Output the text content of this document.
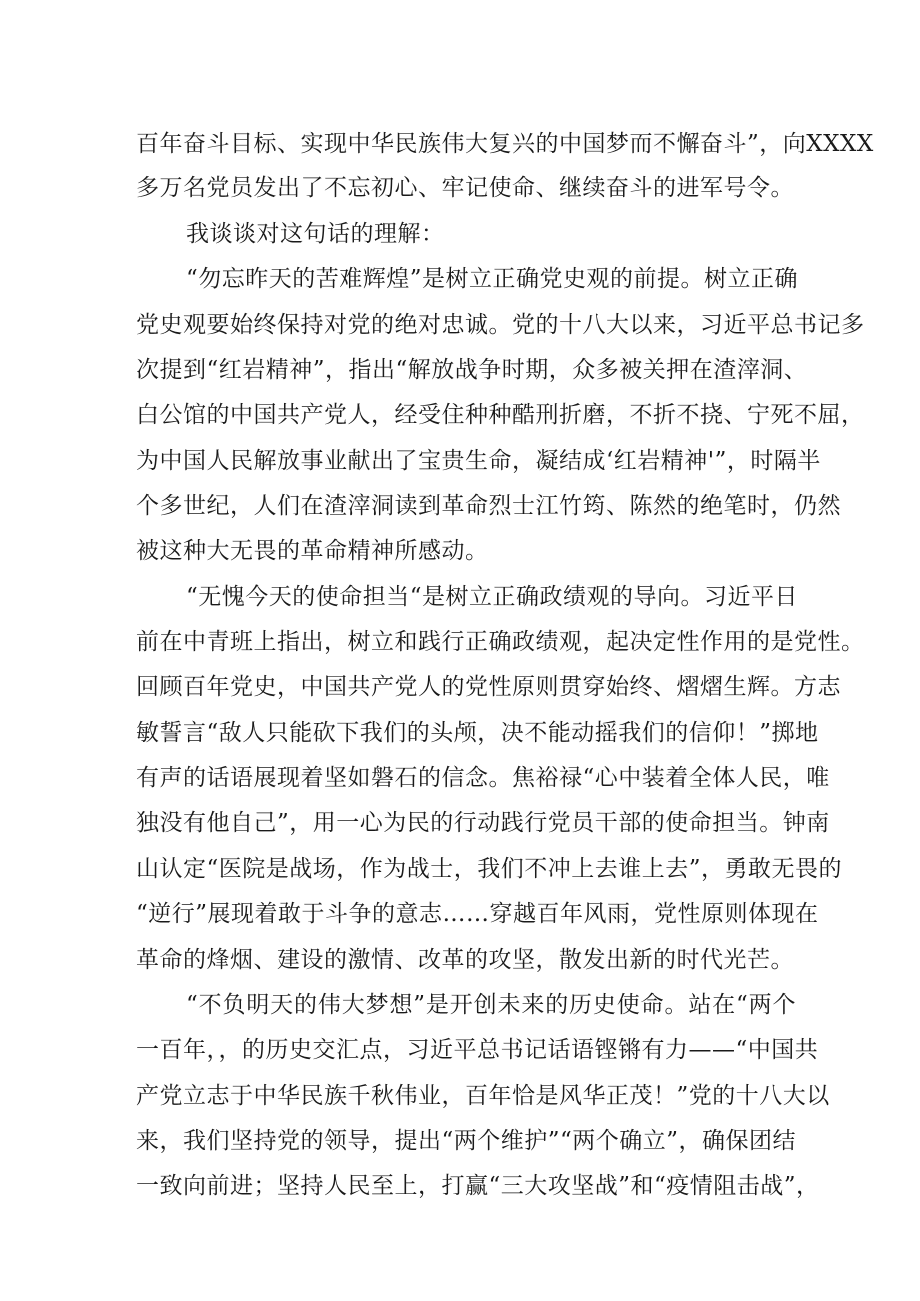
百年奋斗目标、实现中华民族伟大复兴的中国梦而不懈奋斗”，向XXXX
多万名党员发出了不忘初心、牢记使命、继续奋斗的进军号令。
我谈谈对这句话的理解：
“勿忘昨天的苦难辉煌”是树立正确党史观的前提。树立正确
党史观要始终保持对党的绝对忠诚。党的十八大以来，习近平总书记多
次提到“红岩精神”，指出“解放战争时期，众多被关押在渣滓洞、
白公馆的中国共产党人，经受住种种酷刑折磨，不折不挠、宁死不屈，
为中国人民解放事业献出了宝贵生命，凝结成‘红岩精神'”，时隔半
个多世纪，人们在渣滓洞读到革命烈士江竹筠、陈然的绝笔时，仍然
被这种大无畏的革命精神所感动。
“无愧今天的使命担当“是树立正确政绩观的导向。习近平日
前在中青班上指出，树立和践行正确政绩观，起决定性作用的是党性。
回顾百年党史，中国共产党人的党性原则贯穿始终、熠熠生辉。方志
敏誓言“敌人只能砍下我们的头颅，决不能动摇我们的信仰！”掷地
有声的话语展现着坚如磐石的信念。焦裕禄“心中装着全体人民，唯
独没有他自己”，用一心为民的行动践行党员干部的使命担当。钟南
山认定“医院是战场，作为战士，我们不冲上去谁上去”，勇敢无畏的
“逆行”展现着敢于斗争的意志……穿越百年风雨，党性原则体现在
革命的烽烟、建设的激情、改革的攻坚，散发出新的时代光芒。
“不负明天的伟大梦想”是开创未来的历史使命。站在“两个
一百年，，的历史交汇点，习近平总书记话语铿锵有力——“中国共
产党立志于中华民族千秋伟业，百年恰是风华正茂！”党的十八大以
来，我们坚持党的领导，提出“两个维护”“两个确立”，确保团结
一致向前进；坚持人民至上，打赢“三大攻坚战”和“疫情阻击战”，
